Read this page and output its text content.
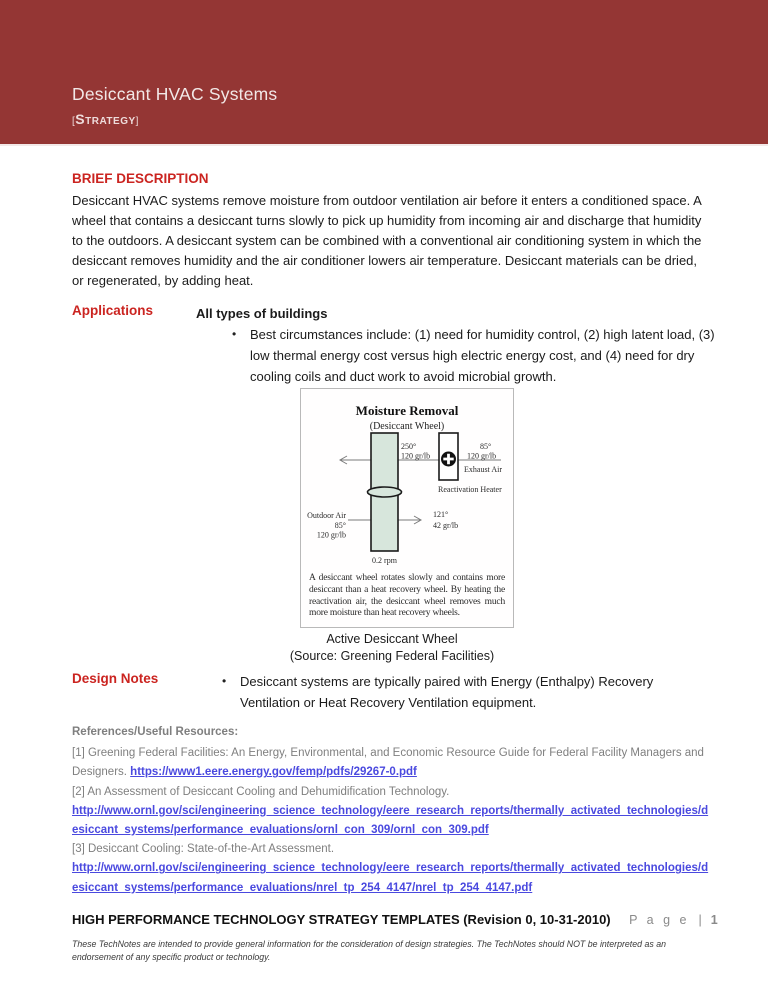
Desiccant HVAC Systems
[STRATEGY]
BRIEF DESCRIPTION

Desiccant HVAC systems remove moisture from outdoor ventilation air before it enters a conditioned space. A wheel that contains a desiccant turns slowly to pick up humidity from incoming air and discharge that humidity to the outdoors. A desiccant system can be combined with a conventional air conditioning system in which the desiccant removes humidity and the air conditioner lowers air temperature. Desiccant materials can be dried, or regenerated, by adding heat.

Applications	All types of buildings
•	Best circumstances include: (1) need for humidity control, (2) high latent load, (3) low thermal energy cost versus high electric energy cost, and (4) need for dry cooling coils and duct work to avoid microbial growth.
Moisture Removal
(Desiccant Wheel)
250°
120 gr/lb
85°
120 gr/lb
Exhaust Air
Reactivation Heater
Outdoor Air
85°
120 gr/lb
121°
42 gr/lb
0.2 rpm
A desiccant wheel rotates slowly and contains more desiccant than a heat recovery wheel. By heating the reactivation air, the desiccant wheel removes much more moisture than heat recovery wheels.
Active Desiccant Wheel
(Source: Greening Federal Facilities)
Design Notes	•	Desiccant systems are typically paired with Energy (Enthalpy) Recovery Ventilation or Heat Recovery Ventilation equipment.
References/Useful Resources:

[1] Greening Federal Facilities: An Energy, Environmental, and Economic Resource Guide for Federal Facility Managers and Designers. https://www1.eere.energy.gov/femp/pdfs/29267-0.pdf

[2] An Assessment of Desiccant Cooling and Dehumidification Technology.

http://www.ornl.gov/sci/engineering_science_technology/eere_research_reports/thermally_activated_technologies/desiccant_systems/performance_evaluations/ornl_con_309/ornl_con_309.pdf

[3] Desiccant Cooling: State-of-the-Art Assessment.

http://www.ornl.gov/sci/engineering_science_technology/eere_research_reports/thermally_activated_technologies/desiccant_systems/performance_evaluations/nrel_tp_254_4147/nrel_tp_254_4147.pdf

HIGH PERFORMANCE TECHNOLOGY STRATEGY TEMPLATES (Revision 0, 10-31-2010) P a g e | 1

These TechNotes are intended to provide general information for the consideration of design strategies. The TechNotes should NOT be interpreted as an endorsement of any specific product or technology.
